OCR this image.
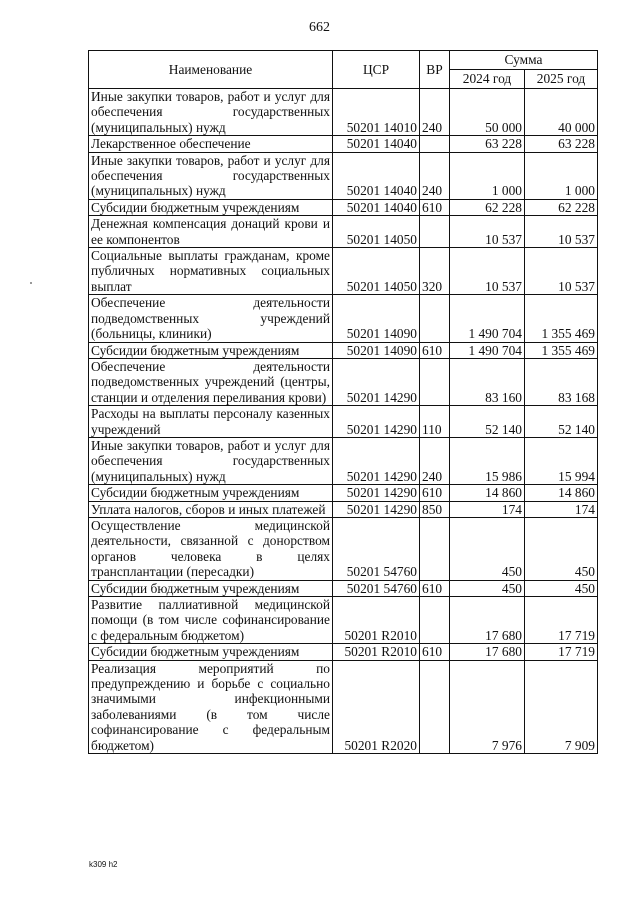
662
Наименование	ЦСР	ВР	Сумма	
			2024 год	2025 год
Иные закупки товаров, работ и услуг для обеспечения государственных (муниципальных) нужд	50201 14010	240	50 000	40 000
Лекарственное обеспечение	50201 14040		63 228	63 228
Иные закупки товаров, работ и услуг для обеспечения государственных (муниципальных) нужд	50201 14040	240	1 000	1 000
Субсидии бюджетным учреждениям	50201 14040	610	62 228	62 228
Денежная компенсация донаций крови и ее компонентов	50201 14050		10 537	10 537
Социальные выплаты гражданам, кроме публичных нормативных социальных выплат	50201 14050	320	10 537	10 537
Обеспечение деятельности подведомственных учреждений (больницы, клиники)	50201 14090		1 490 704	1 355 469
Субсидии бюджетным учреждениям	50201 14090	610	1 490 704	1 355 469
Обеспечение деятельности подведомственных учреждений (центры, станции и отделения переливания крови)	50201 14290		83 160	83 168
Расходы на выплаты персоналу казенных учреждений	50201 14290	110	52 140	52 140
Иные закупки товаров, работ и услуг для обеспечения государственных (муниципальных) нужд	50201 14290	240	15 986	15 994
Субсидии бюджетным учреждениям	50201 14290	610	14 860	14 860
Уплата налогов, сборов и иных платежей	50201 14290	850	174	174
Осуществление медицинской деятельности, связанной с донорством органов человека в целях трансплантации (пересадки)	50201 54760		450	450
Субсидии бюджетным учреждениям	50201 54760	610	450	450
Развитие паллиативной медицинской помощи (в том числе софинансирование с федеральным бюджетом)	50201 R2010		17 680	17 719
Субсидии бюджетным учреждениям	50201 R2010	610	17 680	17 719
Реализация мероприятий по предупреждению и борьбе с социально значимыми инфекционными заболеваниями (в том числе софинансирование с федеральным бюджетом)	50201 R2020		7 976	7 909
k309 h2
